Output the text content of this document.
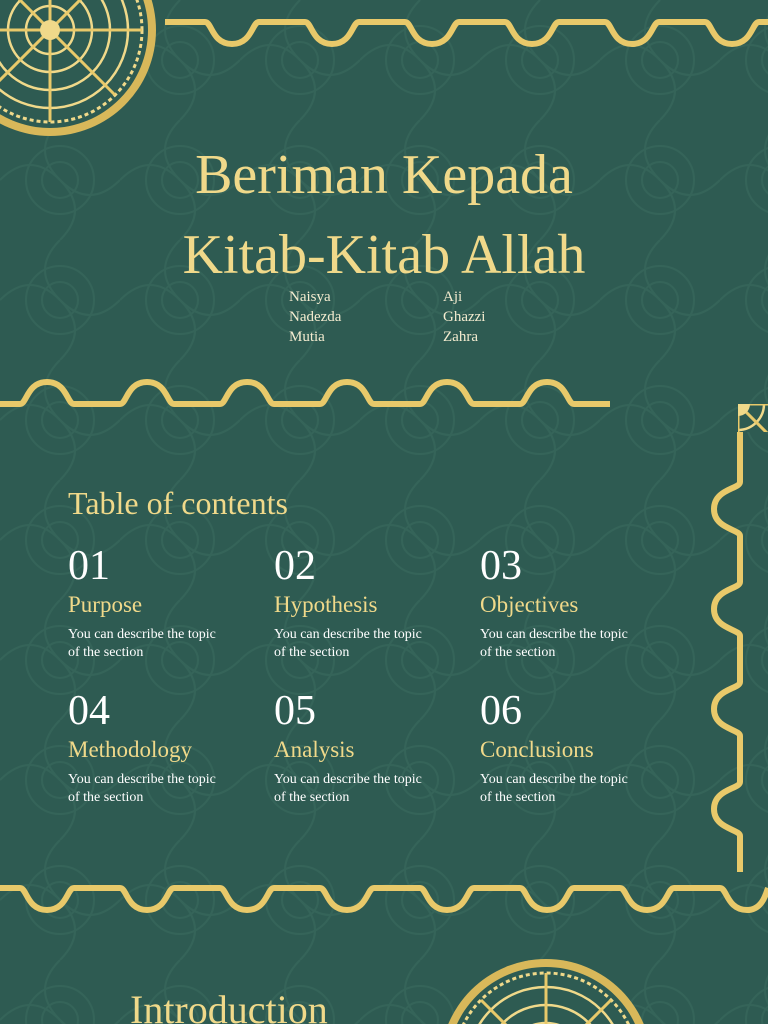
Beriman Kepada
Kitab-Kitab Allah
Naisya
Nadezda
Mutia
Aji
Ghazzi
Zahra
Table of contents
01
Purpose
You can describe the topic of the section
02
Hypothesis
You can describe the topic of the section
03
Objectives
You can describe the topic of the section
04
Methodology
You can describe the topic of the section
05
Analysis
You can describe the topic of the section
06
Conclusions
You can describe the topic of the section
Introduction
